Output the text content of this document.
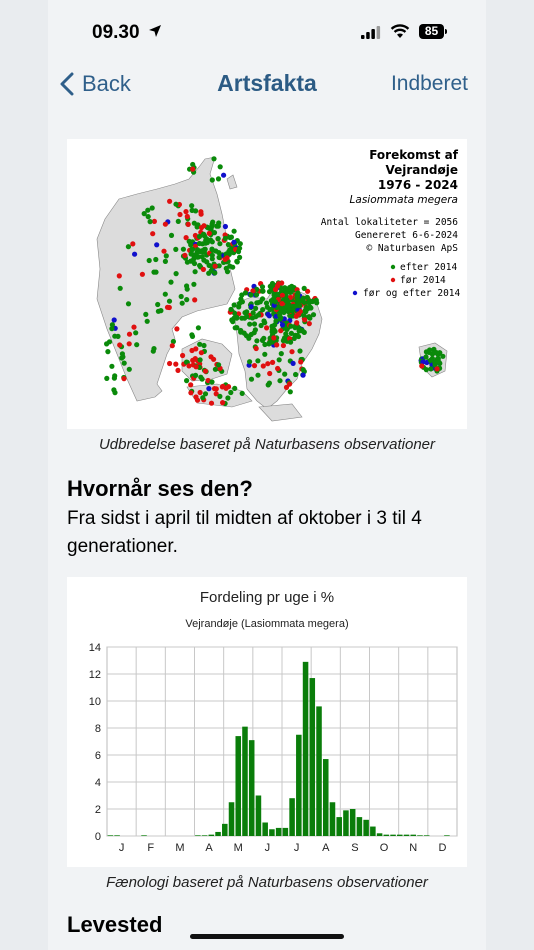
09.30	85
Back	Artsfakta	Indberet
Forekomst af
Vejrandøje
1976 - 2024
Lasiommata megera
Antal lokaliteter = 2056
Genereret 6-6-2024
© Naturbasen ApS
efter 2014
før 2014
før og efter 2014
Udbredelse baseret på Naturbasens observationer
Hvornår ses den?
Fra sidst i april til midten af oktober i 3 til 4 generationer.
Fordeling pr uge i %
Vejrandøje (Lasiommata megera)
0
2
4
6
8
10
12
14
J F M A M J J A S O N D
Fænologi baseret på Naturbasens observationer
Levested
